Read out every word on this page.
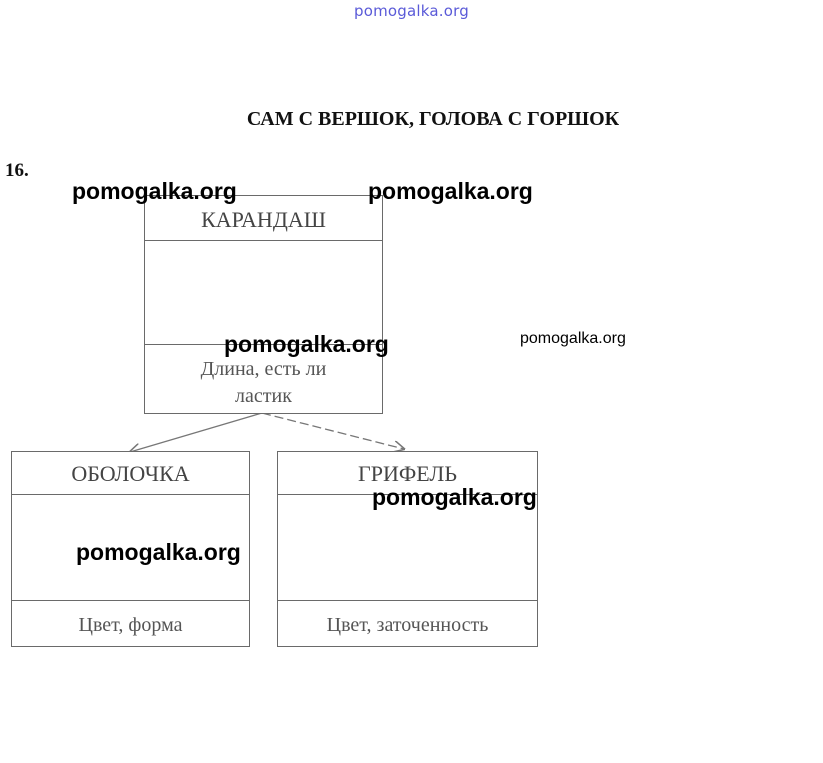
pomogalka.org
САМ С ВЕРШОК, ГОЛОВА С ГОРШОК
16.
КАРАНДАШ
Длина, есть ли ластик
ОБОЛОЧКА
Цвет, форма
ГРИФЕЛЬ
Цвет, заточенность
pomogalka.org	pomogalka.org
pomogalka.org	pomogalka.org
pomogalka.org
pomogalka.org
